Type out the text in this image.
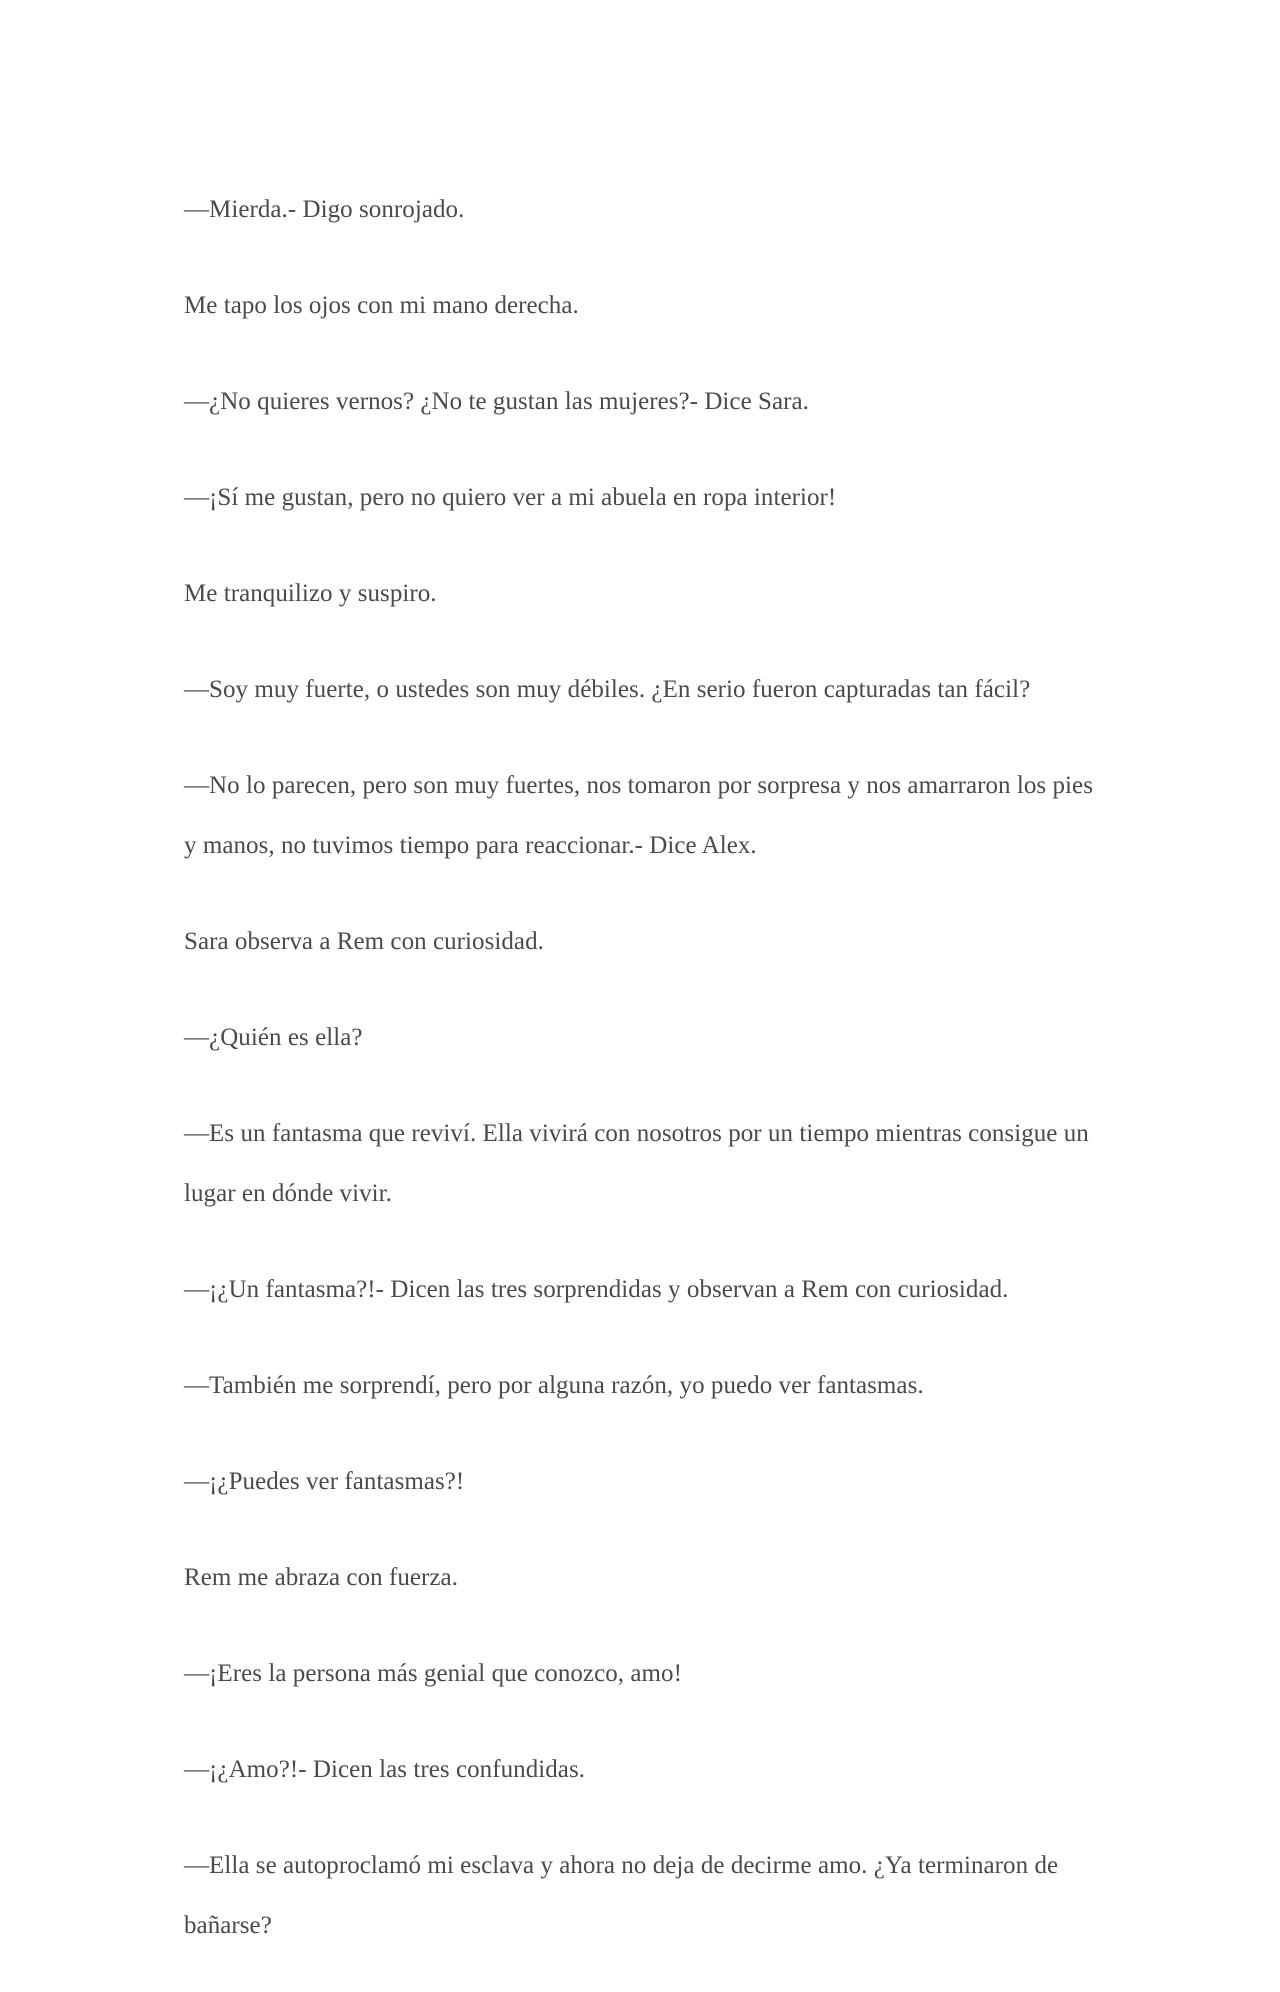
—Mierda.- Digo sonrojado.

Me tapo los ojos con mi mano derecha.

—¿No quieres vernos? ¿No te gustan las mujeres?- Dice Sara.

—¡Sí me gustan, pero no quiero ver a mi abuela en ropa interior!

Me tranquilizo y suspiro.

—Soy muy fuerte, o ustedes son muy débiles. ¿En serio fueron capturadas tan fácil?

—No lo parecen, pero son muy fuertes, nos tomaron por sorpresa y nos amarraron los pies y manos, no tuvimos tiempo para reaccionar.- Dice Alex.

Sara observa a Rem con curiosidad.

—¿Quién es ella?

—Es un fantasma que reviví. Ella vivirá con nosotros por un tiempo mientras consigue un lugar en dónde vivir.

—¡¿Un fantasma?!- Dicen las tres sorprendidas y observan a Rem con curiosidad.

—También me sorprendí, pero por alguna razón, yo puedo ver fantasmas.

—¡¿Puedes ver fantasmas?!

Rem me abraza con fuerza.

—¡Eres la persona más genial que conozco, amo!

—¡¿Amo?!- Dicen las tres confundidas.

—Ella se autoproclamó mi esclava y ahora no deja de decirme amo. ¿Ya terminaron de bañarse?
